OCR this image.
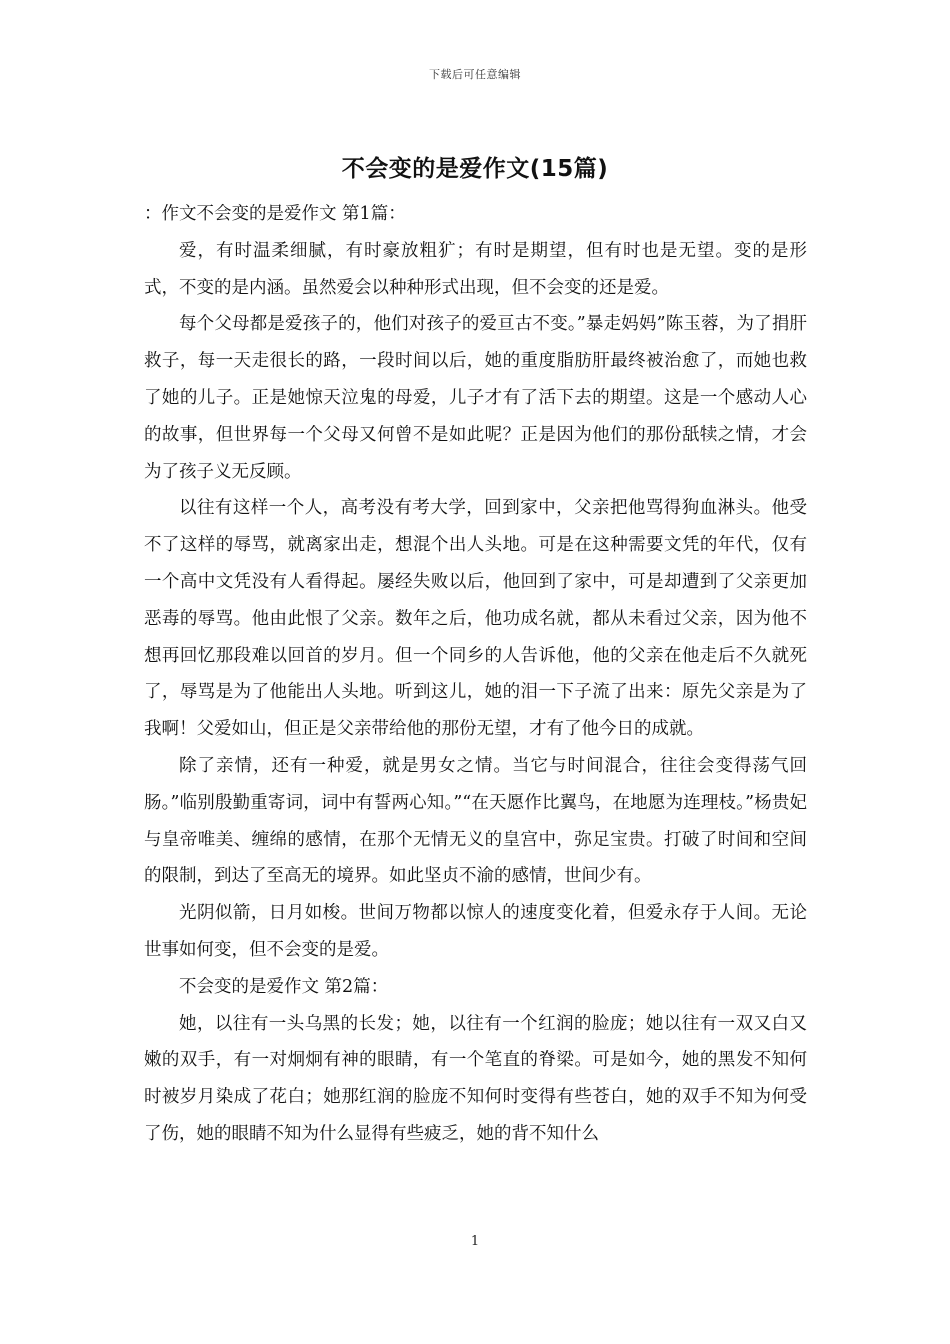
下载后可任意编辑
不会变的是爱作文(15篇)

：作文不会变的是爱作文 第1篇：

爱，有时温柔细腻，有时豪放粗犷；有时是期望，但有时也是无望。变的是形式，不变的是内涵。虽然爱会以种种形式出现，但不会变的还是爱。

每个父母都是爱孩子的，他们对孩子的爱亘古不变。”暴走妈妈”陈玉蓉，为了捐肝救子，每一天走很长的路，一段时间以后，她的重度脂肪肝最终被治愈了，而她也救了她的儿子。正是她惊天泣鬼的母爱，儿子才有了活下去的期望。这是一个感动人心的故事，但世界每一个父母又何曾不是如此呢？正是因为他们的那份舐犊之情，才会为了孩子义无反顾。

以往有这样一个人，高考没有考大学，回到家中，父亲把他骂得狗血淋头。他受不了这样的辱骂，就离家出走，想混个出人头地。可是在这种需要文凭的年代，仅有一个高中文凭没有人看得起。屡经失败以后，他回到了家中，可是却遭到了父亲更加恶毒的辱骂。他由此恨了父亲。数年之后，他功成名就，都从未看过父亲，因为他不想再回忆那段难以回首的岁月。但一个同乡的人告诉他，他的父亲在他走后不久就死了，辱骂是为了他能出人头地。听到这儿，她的泪一下子流了出来：原先父亲是为了我啊！父爱如山，但正是父亲带给他的那份无望，才有了他今日的成就。

除了亲情，还有一种爱，就是男女之情。当它与时间混合，往往会变得荡气回肠。”临别殷勤重寄词，词中有誓两心知。”“在天愿作比翼鸟，在地愿为连理枝。”杨贵妃与皇帝唯美、缠绵的感情，在那个无情无义的皇宫中，弥足宝贵。打破了时间和空间的限制，到达了至高无的境界。如此坚贞不渝的感情，世间少有。

光阴似箭，日月如梭。世间万物都以惊人的速度变化着，但爱永存于人间。无论世事如何变，但不会变的是爱。

不会变的是爱作文 第2篇：

她，以往有一头乌黑的长发；她，以往有一个红润的脸庞；她以往有一双又白又嫩的双手，有一对炯炯有神的眼睛，有一个笔直的脊梁。可是如今，她的黑发不知何时被岁月染成了花白；她那红润的脸庞不知何时变得有些苍白，她的双手不知为何受了伤，她的眼睛不知为什么显得有些疲乏，她的背不知什么

1
